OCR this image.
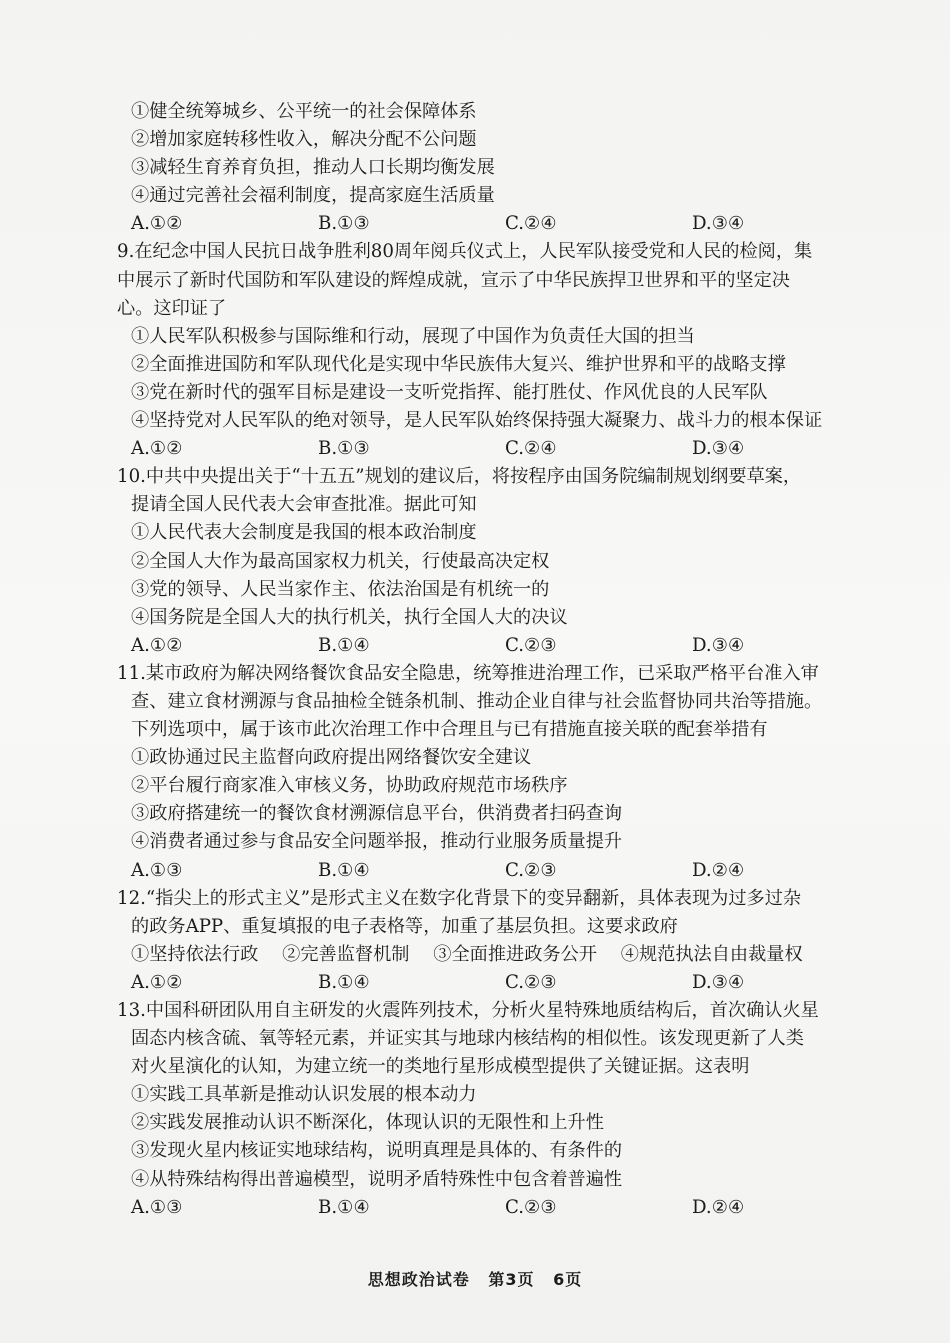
①健全统筹城乡、公平统一的社会保障体系
②增加家庭转移性收入，解决分配不公问题
③减轻生育养育负担，推动人口长期均衡发展
④通过完善社会福利制度，提高家庭生活质量
A.①②	B.①③	C.②④	D.③④
9.在纪念中国人民抗日战争胜利80周年阅兵仪式上，人民军队接受党和人民的检阅，集
中展示了新时代国防和军队建设的辉煌成就，宣示了中华民族捍卫世界和平的坚定决
心。这印证了
①人民军队积极参与国际维和行动，展现了中国作为负责任大国的担当
②全面推进国防和军队现代化是实现中华民族伟大复兴、维护世界和平的战略支撑
③党在新时代的强军目标是建设一支听党指挥、能打胜仗、作风优良的人民军队
④坚持党对人民军队的绝对领导，是人民军队始终保持强大凝聚力、战斗力的根本保证
A.①②	B.①③	C.②④	D.③④
10.中共中央提出关于“十五五”规划的建议后，将按程序由国务院编制规划纲要草案，
提请全国人民代表大会审查批准。据此可知
①人民代表大会制度是我国的根本政治制度
②全国人大作为最高国家权力机关，行使最高决定权
③党的领导、人民当家作主、依法治国是有机统一的
④国务院是全国人大的执行机关，执行全国人大的决议
A.①②	B.①④	C.②③	D.③④
11.某市政府为解决网络餐饮食品安全隐患，统筹推进治理工作，已采取严格平台准入审
查、建立食材溯源与食品抽检全链条机制、推动企业自律与社会监督协同共治等措施。
下列选项中，属于该市此次治理工作中合理且与已有措施直接关联的配套举措有
①政协通过民主监督向政府提出网络餐饮安全建议
②平台履行商家准入审核义务，协助政府规范市场秩序
③政府搭建统一的餐饮食材溯源信息平台，供消费者扫码查询
④消费者通过参与食品安全问题举报，推动行业服务质量提升
A.①③	B.①④	C.②③	D.②④
12.“指尖上的形式主义”是形式主义在数字化背景下的变异翻新，具体表现为过多过杂
的政务APP、重复填报的电子表格等，加重了基层负担。这要求政府
①坚持依法行政 ②完善监督机制 ③全面推进政务公开 ④规范执法自由裁量权
A.①②	B.①④	C.②③	D.③④
13.中国科研团队用自主研发的火震阵列技术，分析火星特殊地质结构后，首次确认火星
固态内核含硫、氧等轻元素，并证实其与地球内核结构的相似性。该发现更新了人类
对火星演化的认知，为建立统一的类地行星形成模型提供了关键证据。这表明
①实践工具革新是推动认识发展的根本动力
②实践发展推动认识不断深化，体现认识的无限性和上升性
③发现火星内核证实地球结构，说明真理是具体的、有条件的
④从特殊结构得出普遍模型，说明矛盾特殊性中包含着普遍性
A.①③	B.①④	C.②③	D.②④
思想政治试卷 第3页 6页
